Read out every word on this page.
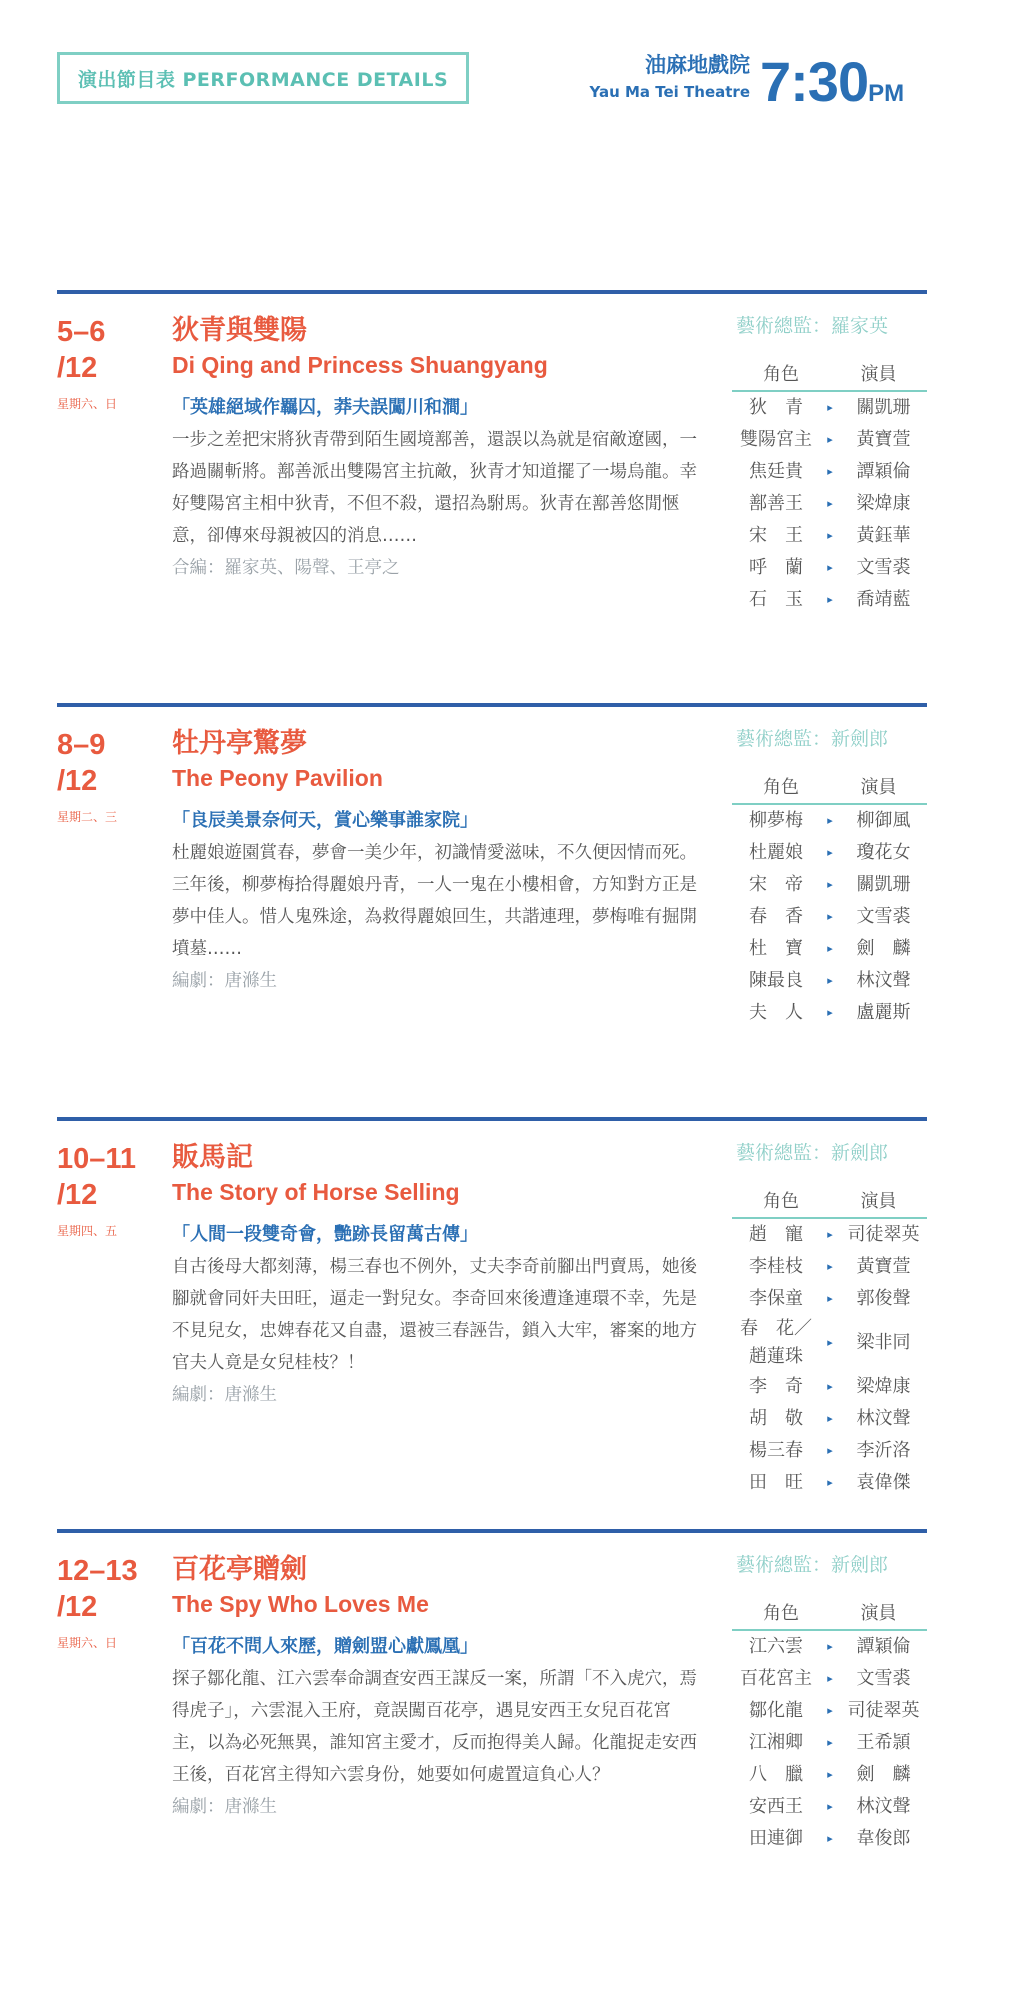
演出節目表 PERFORMANCE DETAILS
油麻地戲院
Yau Ma Tei Theatre 7:30PM
5–6
/12
星期六、日
狄青與雙陽
Di Qing and Princess Shuangyang
「英雄絕域作羈囚，莽夫誤闖川和澗」
一步之差把宋將狄青帶到陌生國境鄯善，還誤以為就是宿敵遼國，一路過關斬將。鄯善派出雙陽宮主抗敵，狄青才知道擺了一場烏龍。幸好雙陽宮主相中狄青，不但不殺，還招為駙馬。狄青在鄯善悠閒愜意，卻傳來母親被囚的消息……
合編：羅家英、陽聲、王亭之
藝術總監：羅家英
角色	演員
狄　青	▸	關凱珊
雙陽宮主	▸	黃寶萱
焦廷貴	▸	譚穎倫
鄯善王	▸	梁煒康
宋　王	▸	黃鈺華
呼　蘭	▸	文雪裘
石　玉	▸	喬靖藍
8–9
/12
星期二、三
牡丹亭驚夢
The Peony Pavilion
「良辰美景奈何天，賞心樂事誰家院」
杜麗娘遊園賞春，夢會一美少年，初識情愛滋味，不久便因情而死。三年後，柳夢梅拾得麗娘丹青，一人一鬼在小樓相會，方知對方正是夢中佳人。惜人鬼殊途，為救得麗娘回生，共諧連理，夢梅唯有掘開墳墓……
編劇：唐滌生
藝術總監：新劍郎
角色	演員
柳夢梅	▸	柳御風
杜麗娘	▸	瓊花女
宋　帝	▸	關凱珊
春　香	▸	文雪裘
杜　寶	▸	劍　麟
陳最良	▸	林汶聲
夫　人	▸	盧麗斯
10–11
/12
星期四、五
販馬記
The Story of Horse Selling
「人間一段雙奇會，艷跡長留萬古傳」
自古後母大都刻薄，楊三春也不例外，丈夫李奇前腳出門賣馬，她後腳就會同奸夫田旺，逼走一對兒女。李奇回來後遭逢連環不幸，先是不見兒女，忠婢春花又自盡，還被三春誣告，鎖入大牢，審案的地方官夫人竟是女兒桂枝？！
編劇：唐滌生
藝術總監：新劍郎
角色	演員
趙　寵	▸ 司徒翠英
李桂枝	▸	黃寶萱
李保童	▸	郭俊聲
春　花／
趙蓮珠
▸	梁非同
李　奇	▸	梁煒康
胡　敬	▸	林汶聲
楊三春	▸	李沂洛
田　旺	▸	袁偉傑
12–13
/12
星期六、日
百花亭贈劍
The Spy Who Loves Me
「百花不問人來歷，贈劍盟心獻鳳凰」
探子鄒化龍、江六雲奉命調查安西王謀反一案，所謂「不入虎穴，焉得虎子」，六雲混入王府，竟誤闖百花亭，遇見安西王女兒百花宮主，以為必死無異，誰知宮主愛才，反而抱得美人歸。化龍捉走安西王後，百花宮主得知六雲身份，她要如何處置這負心人？
編劇：唐滌生
藝術總監：新劍郎
角色	演員
江六雲	▸	譚穎倫
百花宮主	▸	文雪裘
鄒化龍	▸ 司徒翠英
江湘卿	▸	王希頴
八　臘	▸	劍　麟
安西王	▸	林汶聲
田連御	▸	韋俊郎
